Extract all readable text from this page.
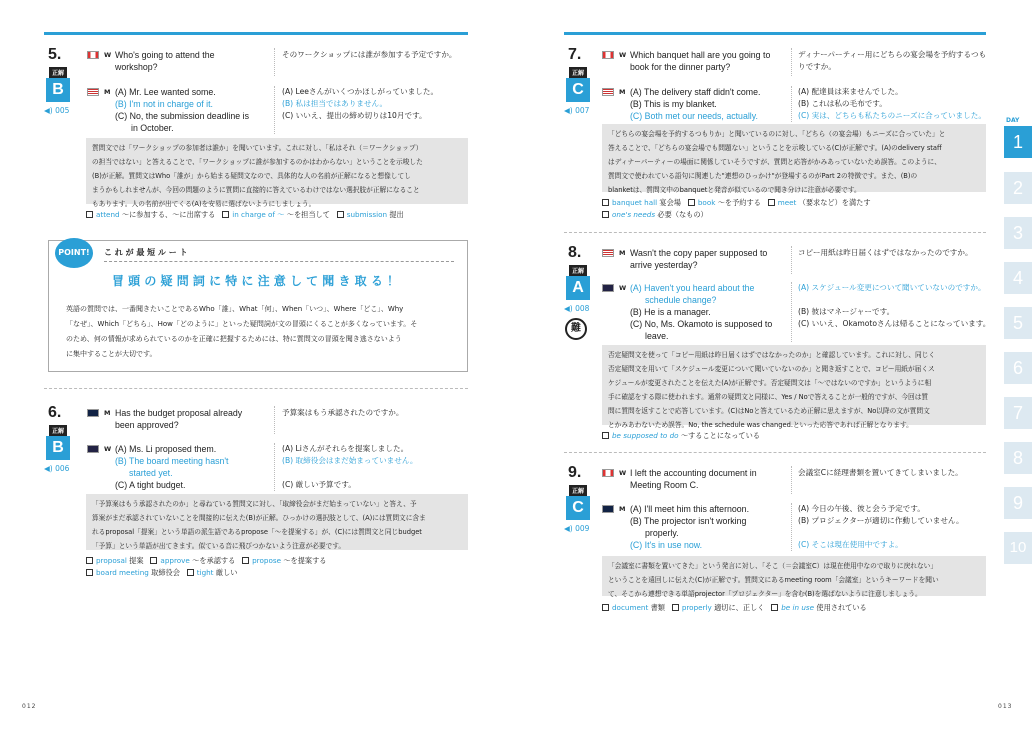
5.
正解
B
◀) 005
W Who's going to attend the
workshop?
そのワークショップには誰が参加する予定ですか。
M (A) Mr. Lee wanted some.
(B) I'm not in charge of it.
(C) No, the submission deadline is
in October.
(A) Leeさんがいくつかほしがっていました。
(B) 私は担当ではありません。
(C) いいえ、提出の締め切りは10月です。
質問文では「ワークショップの参加者は誰か」を聞いています。これに対し、「私はそれ（＝ワークショップ）
の担当ではない」と答えることで、「ワークショップに誰が参加するのかはわからない」ということを示唆した
(B)が正解。質問文はWho「誰が」から始まる疑問文なので、具体的な人の名前が正解になると想像してし
まうかもしれませんが、今回の問題のように質問に直接的に答えているわけではない選択肢が正解になること
もあります。人の名前が出てくる(A)を安易に選ばないようにしましょう。
attend ～に参加する、～に出席する in charge of ～ ～を担当して submission 提出
POINT!	こ れ が 最 短 ル ー ト
冒 頭 の 疑 問 詞 に 特 に 注 意 し て 聞 き 取 る ！
英語の質問では、一番聞きたいことであるWho「誰」、What「何」、When「いつ」、Where「どこ」、Why
「なぜ」、Which「どちら」、How「どのように」といった疑問詞が文の冒頭にくることが多くなっています。そ
のため、何の情報が求められているのかを正確に把握するためには、特に質問文の冒頭を聞き逃さないよう
に集中することが大切です。
6.
正解
B
◀) 006
M Has the budget proposal already
been approved?
予算案はもう承認されたのですか。
W (A) Ms. Li proposed them.
(B) The board meeting hasn't
started yet.
(C) A tight budget.
(A) Liさんがそれらを提案しました。
(B) 取締役会はまだ始まっていません。
(C) 厳しい予算です。
「予算案はもう承認されたのか」と尋ねている質問文に対し、「取締役会がまだ始まっていない」と答え、予
算案がまだ承認されていないことを間接的に伝えた(B)が正解。ひっかけの選択肢として、(A)には質問文に含ま
れるproposal「提案」という単語の派生語であるpropose「～を提案する」が、(C)には質問文と同じbudget
「予算」という単語が出てきます。似ている音に飛びつかないよう注意が必要です。
proposal 提案 approve ～を承認する propose ～を提案する
board meeting 取締役会 tight 厳しい
012
7.
正解
C
◀) 007
W Which banquet hall are you going to
book for the dinner party?
ディナーパーティー用にどちらの宴会場を予約するつも
りですか。
M (A) The delivery staff didn't come.
(B) This is my blanket.
(C) Both met our needs, actually.
(A) 配達員は来ませんでした。
(B) これは私の毛布です。
(C) 実は、どちらも私たちのニーズに合っていました。
「どちらの宴会場を予約するつもりか」と聞いているのに対し、「どちら（の宴会場）もニーズに合っていた」と
答えることで、「どちらの宴会場でも問題ない」ということを示唆している(C)が正解です。(A)のdelivery staff
はディナーパーティーの場面に関係していそうですが、質問と応答がかみあっていないため誤答。このように、
質問文で使われている語句に関連した"連想のひっかけ"が登場するのがPart 2の特徴です。また、(B)の
blanketは、質問文中のbanquetと発音が似ているので聞き分けに注意が必要です。
banquet hall 宴会場 book ～を予約する meet （要求など）を満たす
one's needs 必要（なもの）
8.
正解
A
◀) 008
難
M Wasn't the copy paper supposed to
arrive yesterday?
コピー用紙は昨日届くはずではなかったのですか。
W (A) Haven't you heard about the
schedule change?
(B) He is a manager.
(C) No, Ms. Okamoto is supposed to
leave.
(A) スケジュール変更について聞いていないのですか。
(B) 彼はマネージャーです。
(C) いいえ、Okamotoさんは帰ることになっています。
否定疑問文を使って「コピー用紙は昨日届くはずではなかったのか」と確認しています。これに対し、同じく
否定疑問文を用いて「スケジュール変更について聞いていないのか」と聞き返すことで、コピー用紙が届くス
ケジュールが変更されたことを伝えた(A)が正解です。否定疑問文は「～ではないのですか」というように相
手に確認をする際に使われます。通常の疑問文と同様に、Yes / Noで答えることが一般的ですが、今回は質
問に質問を返すことで応答しています。(C)はNoと答えているため正解に思えますが、No以降の文が質問文
とかみあわないため誤答。No, the schedule was changed.といった応答であれば正解となります。
be supposed to do ～することになっている
9.
正解
C
◀) 009
W I left the accounting document in
Meeting Room C.
会議室Cに経理書類を置いてきてしまいました。
M (A) I'll meet him this afternoon.
(B) The projector isn't working
properly.
(C) It's in use now.
(A) 今日の午後、彼と会う予定です。
(B) プロジェクターが適切に作動していません。
(C) そこは現在使用中ですよ。
「会議室に書類を置いてきた」という発言に対し、「そこ（＝会議室C）は現在使用中なので取りに戻れない」
ということを遠回しに伝えた(C)が正解です。質問文にあるmeeting room「会議室」というキーワードを聞い
て、そこから連想できる単語projector「プロジェクター」を含む(B)を選ばないように注意しましょう。
document 書類 properly 適切に、正しく be in use 使用されている
DAY
1
2
3
4
5
6
7
8
9
10
013
